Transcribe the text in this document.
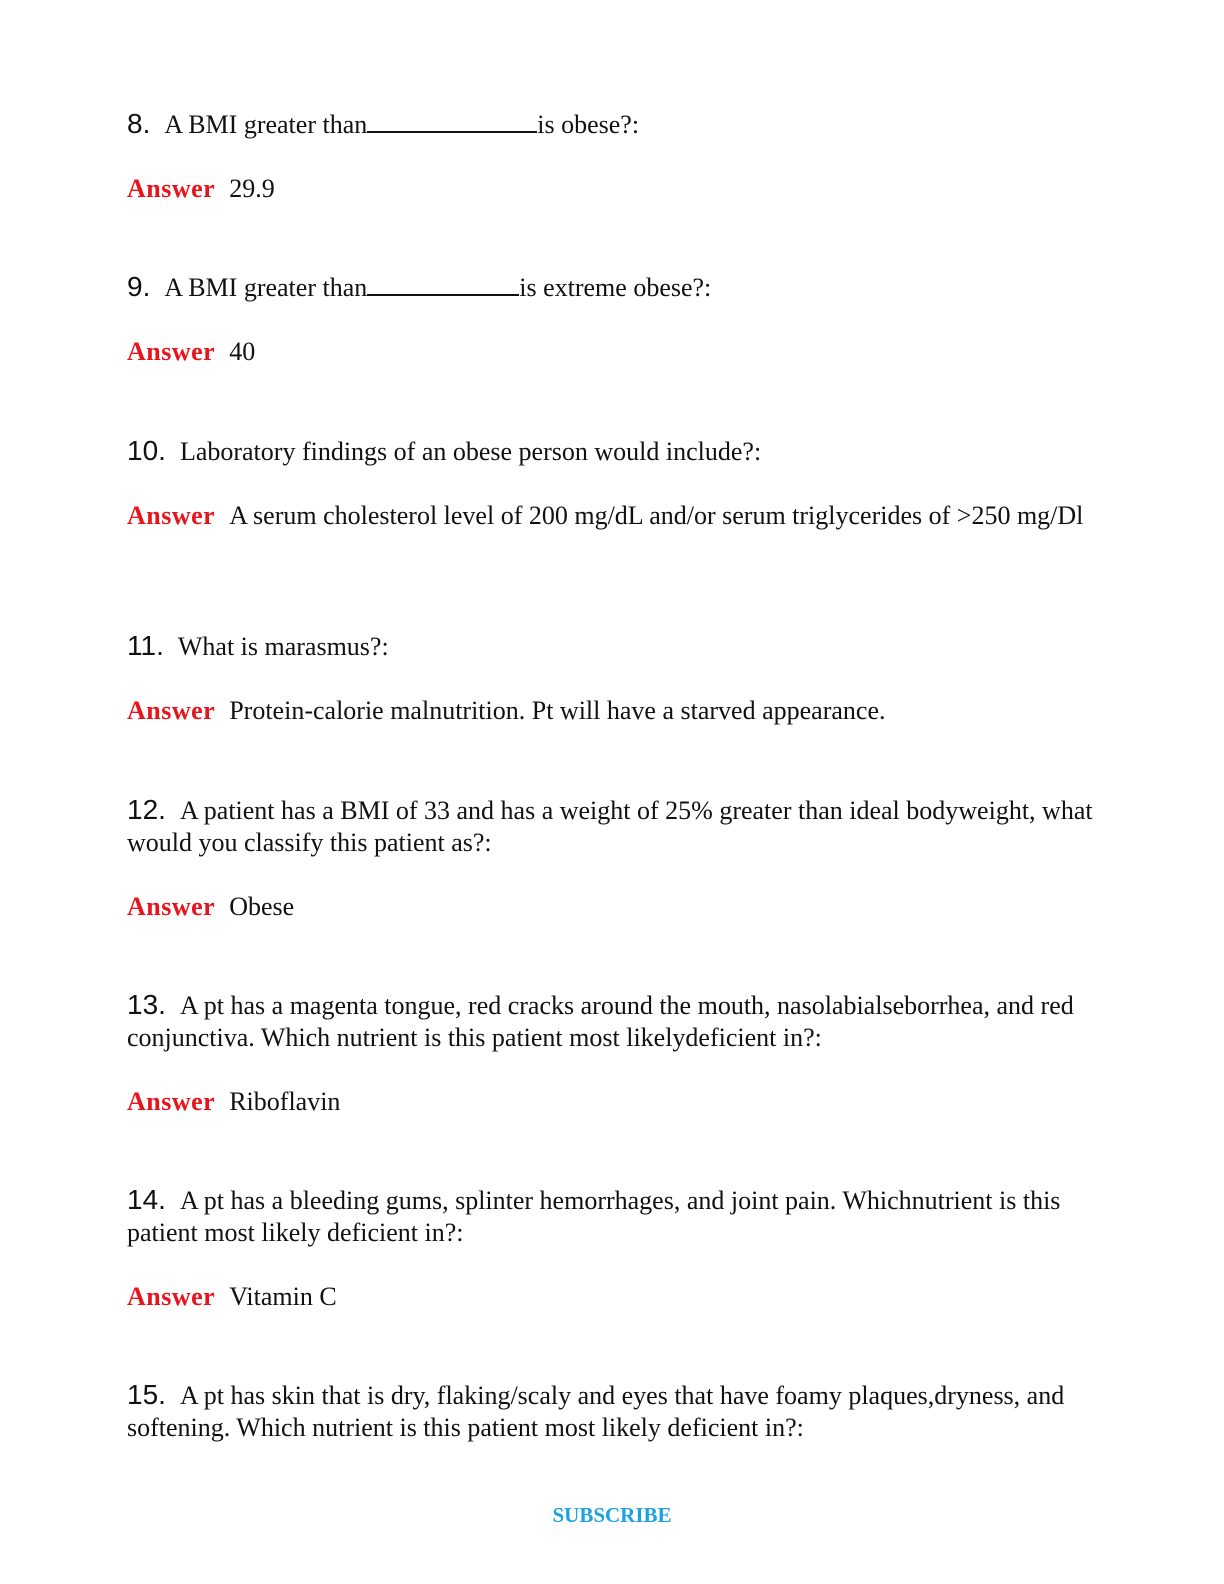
8. A BMI greater than	is obese?:

Answer 29.9

9. A BMI greater than	is extreme obese?:

Answer 40

10. Laboratory findings of an obese person would include?:

Answer A serum cholesterol level of 200 mg/dL and/or serum triglycerides of >250 mg/Dl

11. What is marasmus?:

Answer Protein-calorie malnutrition. Pt will have a starved appearance.

12. A patient has a BMI of 33 and has a weight of 25% greater than ideal bodyweight, what would you classify this patient as?:

Answer Obese

13. A pt has a magenta tongue, red cracks around the mouth, nasolabialseborrhea, and red conjunctiva. Which nutrient is this patient most likelydeficient in?:

Answer Riboflavin

14. A pt has a bleeding gums, splinter hemorrhages, and joint pain. Whichnutrient is this patient most likely deficient in?:

Answer Vitamin C

15. A pt has skin that is dry, flaking/scaly and eyes that have foamy plaques,dryness, and softening. Which nutrient is this patient most likely deficient in?:

SUBSCRIBE
